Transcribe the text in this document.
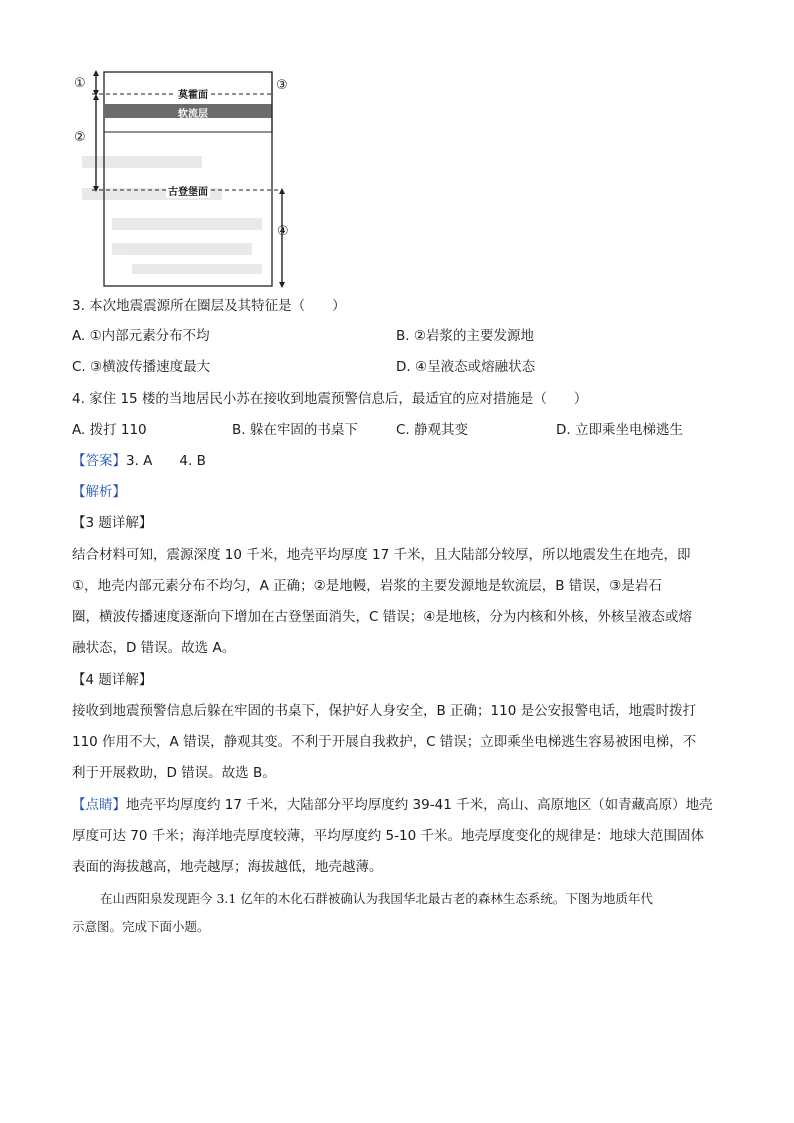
①
②
③
④
莫霍面
软流层
古登堡面
3. 本次地震震源所在圈层及其特征是（　　）
A. ①内部元素分布不均	B. ②岩浆的主要发源地
C. ③横波传播速度最大	D. ④呈液态或熔融状态
4. 家住 15 楼的当地居民小苏在接收到地震预警信息后，最适宜的应对措施是（　　）
A. 拨打 110	B. 躲在牢固的书桌下	C. 静观其变	D. 立即乘坐电梯逃生
【答案】3. A　　4. B
【解析】
【3 题详解】
结合材料可知，震源深度 10 千米，地壳平均厚度 17 千米，且大陆部分较厚，所以地震发生在地壳，即
①，地壳内部元素分布不均匀，A 正确；②是地幔，岩浆的主要发源地是软流层，B 错误，③是岩石
圈，横波传播速度逐渐向下增加在古登堡面消失，C 错误；④是地核，分为内核和外核，外核呈液态或熔
融状态，D 错误。故选 A。
【4 题详解】
接收到地震预警信息后躲在牢固的书桌下，保护好人身安全，B 正确；110 是公安报警电话，地震时拨打
110 作用不大，A 错误，静观其变。不利于开展自我救护，C 错误；立即乘坐电梯逃生容易被困电梯，不
利于开展救助，D 错误。故选 B。
【点睛】地壳平均厚度约 17 千米，大陆部分平均厚度约 39-41 千米，高山、高原地区（如青藏高原）地壳
厚度可达 70 千米；海洋地壳厚度较薄，平均厚度约 5-10 千米。地壳厚度变化的规律是：地球大范围固体
表面的海拔越高，地壳越厚；海拔越低，地壳越薄。
在山西阳泉发现距今 3.1 亿年的木化石群被确认为我国华北最古老的森林生态系统。下图为地质年代
示意图。完成下面小题。
